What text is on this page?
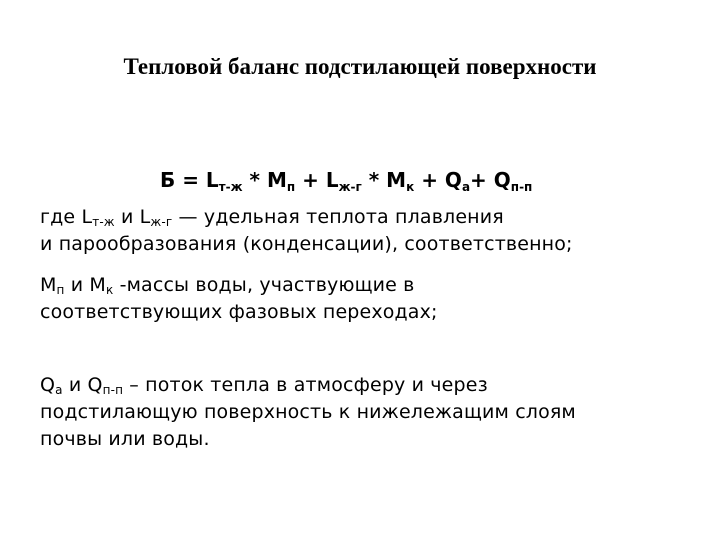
Тепловой баланс подстилающей поверхности
$Б = L_{т-ж} * M_п + L_{ж-г} * M_к + Q_a+ Q_{п-п}$
где Lт-ж и Lж-г — удельная теплота плавления
и парообразования (конденсации), соответственно;
Mп и Mк -массы воды, участвующие в
соответствующих фазовых переходах;
Qa и Qп-п – поток тепла в атмосферу и через
подстилающую поверхность к нижележащим слоям
почвы или воды.
